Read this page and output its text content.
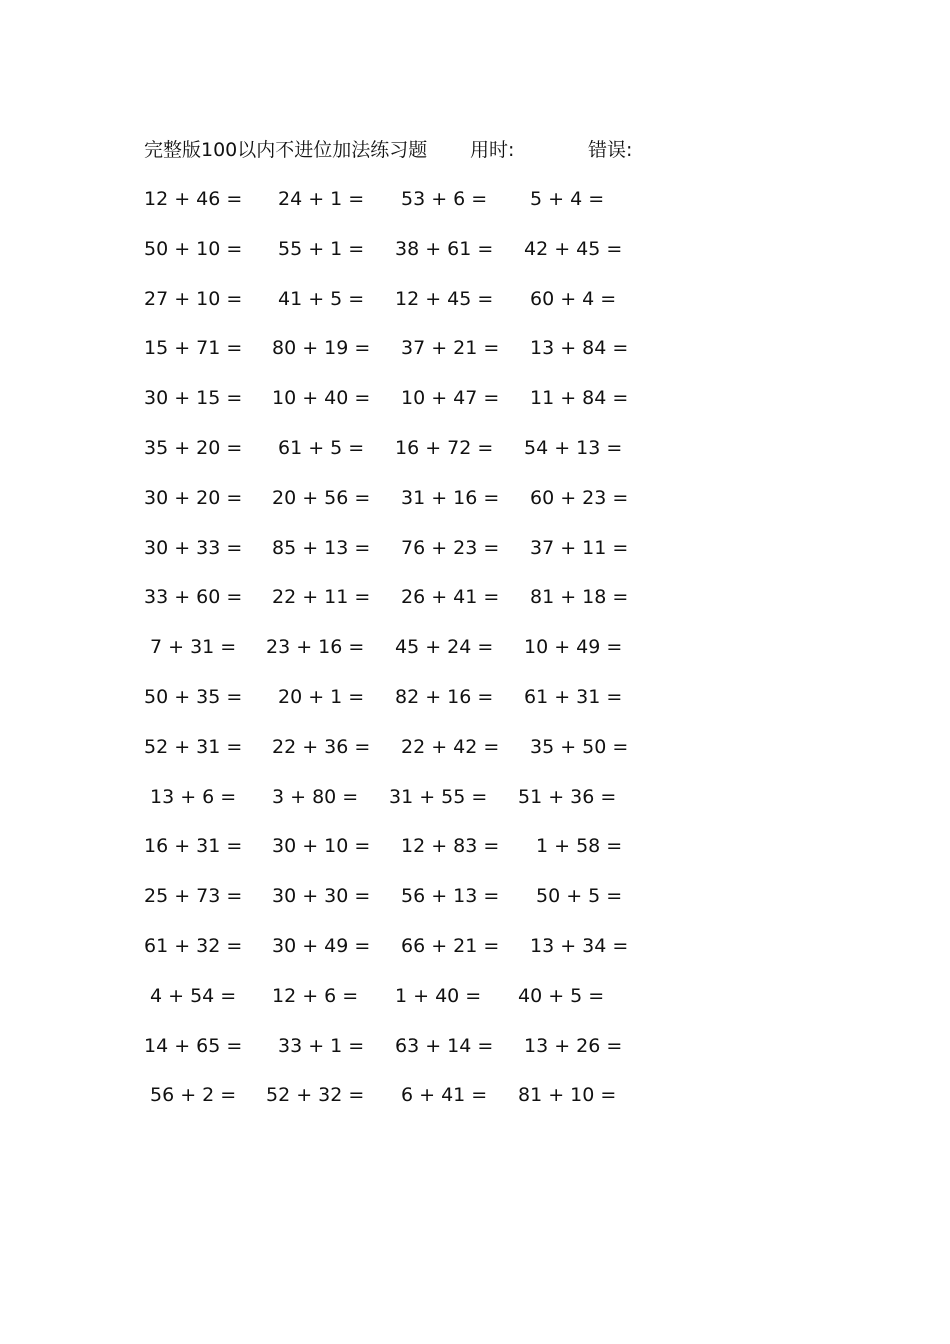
完整版100以内不进位加法练习题 用时:	错误:
12 + 46 = 24 + 1 = 53 + 6 = 5 + 4 =
50 + 10 = 55 + 1 = 38 + 61 = 42 + 45 =
27 + 10 = 41 + 5 = 12 + 45 = 60 + 4 =
15 + 71 = 80 + 19 = 37 + 21 = 13 + 84 =
30 + 15 = 10 + 40 = 10 + 47 = 11 + 84 =
35 + 20 = 61 + 5 = 16 + 72 = 54 + 13 =
30 + 20 = 20 + 56 = 31 + 16 = 60 + 23 =
30 + 33 = 85 + 13 = 76 + 23 = 37 + 11 =
33 + 60 = 22 + 11 = 26 + 41 = 81 + 18 =
7 + 31 = 23 + 16 = 45 + 24 = 10 + 49 =
50 + 35 = 20 + 1 = 82 + 16 = 61 + 31 =
52 + 31 = 22 + 36 = 22 + 42 = 35 + 50 =
13 + 6 = 3 + 80 = 31 + 55 = 51 + 36 =
16 + 31 = 30 + 10 = 12 + 83 = 1 + 58 =
25 + 73 = 30 + 30 = 56 + 13 = 50 + 5 =
61 + 32 = 30 + 49 = 66 + 21 = 13 + 34 =
4 + 54 = 12 + 6 = 1 + 40 = 40 + 5 =
14 + 65 = 33 + 1 = 63 + 14 = 13 + 26 =
56 + 2 = 52 + 32 = 6 + 41 = 81 + 10 =
